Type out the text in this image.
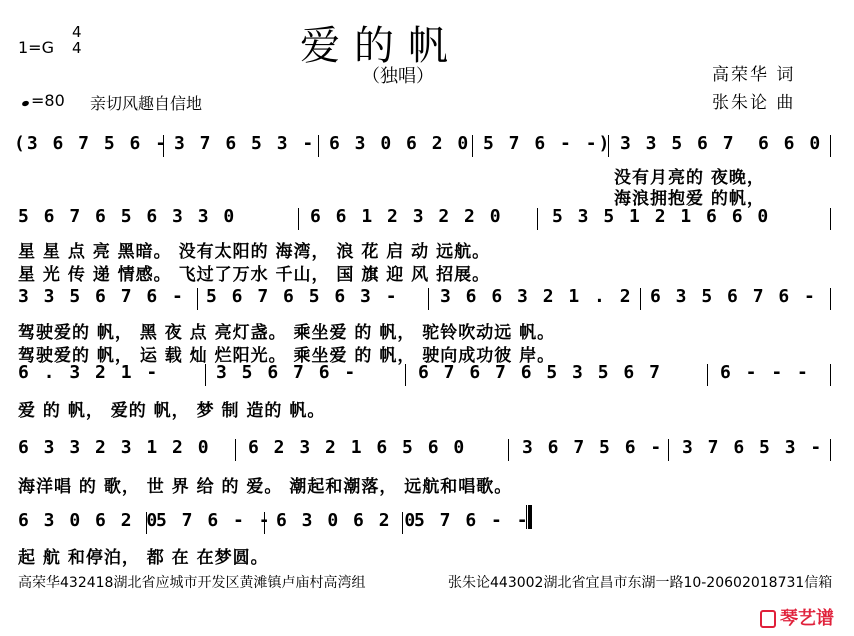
1=G
4
4	爱的帆
（独唱）	高荣华 词
张朱论 曲
=80 亲切风趣自信地
(3 6 7 5 6 - 3 7 6 5 3 - 6 3 0 6 2 0 5 7 6 - -) 3 3 5 6 7 6 6 0
没有月亮的 夜晚，
海浪拥抱爱 的帆，
5 6 7 6 5 6 3 3 0	6 6 1 2 3 2 2 0	5 3 5 1 2 1 6 6 0
星 星 点 亮 黑暗。 没有太阳的 海湾， 浪 花 启 动 远航。
星 光 传 递 情感。 飞过了万水 千山， 国 旗 迎 风 招展。
3 3 5 6 7 6 - 5 6 7 6 5 6 3 - 3 6 6 3 2 1 . 2 6 3 5 6 7 6 -
驾驶爱的 帆， 黑 夜 点 亮灯盏。 乘坐爱 的 帆， 驼铃吹动远 帆。
驾驶爱的 帆， 运 载 灿 烂阳光。 乘坐爱 的 帆， 驶向成功彼 岸。
6 . 3 2 1 -	3 5 6 7 6 -	6 7 6 7 6 5 3 5 6 7	6 - - -
爱 的 帆， 爱的 帆， 梦 制 造的 帆。
6 3 3 2 3 1 2 0 6 2 3 2 1 6 5 6 0	3 6 7 5 6 - 3 7 6 5 3 -
海洋唱 的 歌， 世 界 给 的 爱。 潮起和潮落， 远航和唱歌。
6 3 0 6 2 0
5 7 6 - - 6 3 0 6 2 0
5 7 6 - -
起 航 和停泊， 都 在 在梦圆。
高荣华432418湖北省应城市开发区黄滩镇卢庙村高湾组	张朱论443002湖北省宜昌市东湖一路10-20602018731信箱
琴艺谱
